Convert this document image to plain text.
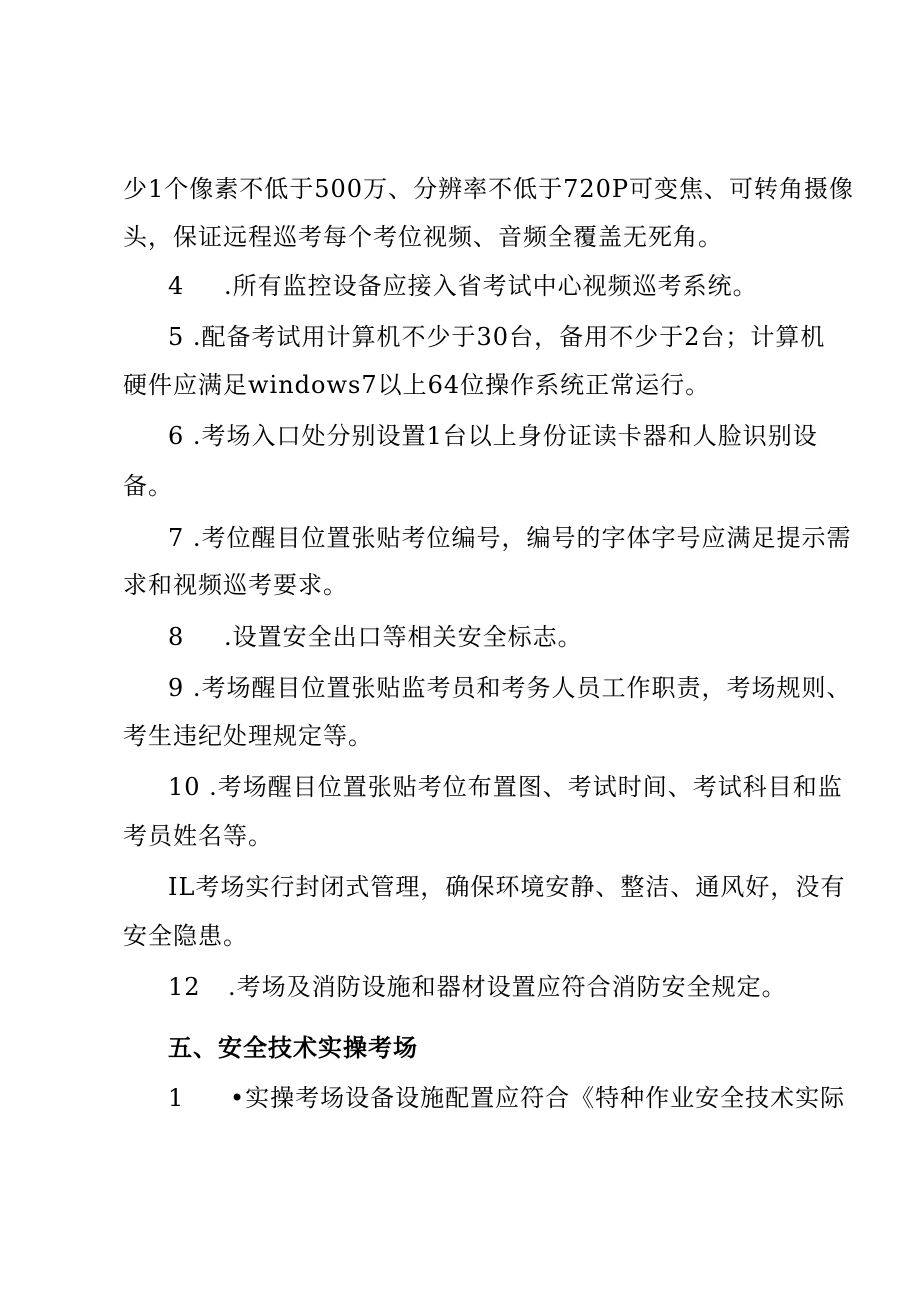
少1个像素不低于500万、分辨率不低于720P可变焦、可转角摄像
头，保证远程巡考每个考位视频、音频全覆盖无死角。
4 .所有监控设备应接入省考试中心视频巡考系统。
5 .配备考试用计算机不少于30台，备用不少于2台；计算机
硬件应满足windows7以上64位操作系统正常运行。
6 .考场入口处分别设置1台以上身份证读卡器和人脸识别设
备。
7 .考位醒目位置张贴考位编号，编号的字体字号应满足提示需
求和视频巡考要求。
8 .设置安全出口等相关安全标志。
9 .考场醒目位置张贴监考员和考务人员工作职责，考场规则、
考生违纪处理规定等。
10 .考场醒目位置张贴考位布置图、考试时间、考试科目和监
考员姓名等。
IL考场实行封闭式管理，确保环境安静、整洁、通风好，没有
安全隐患。
12 .考场及消防设施和器材设置应符合消防安全规定。
五、安全技术实操考场
1 •实操考场设备设施配置应符合《特种作业安全技术实际
